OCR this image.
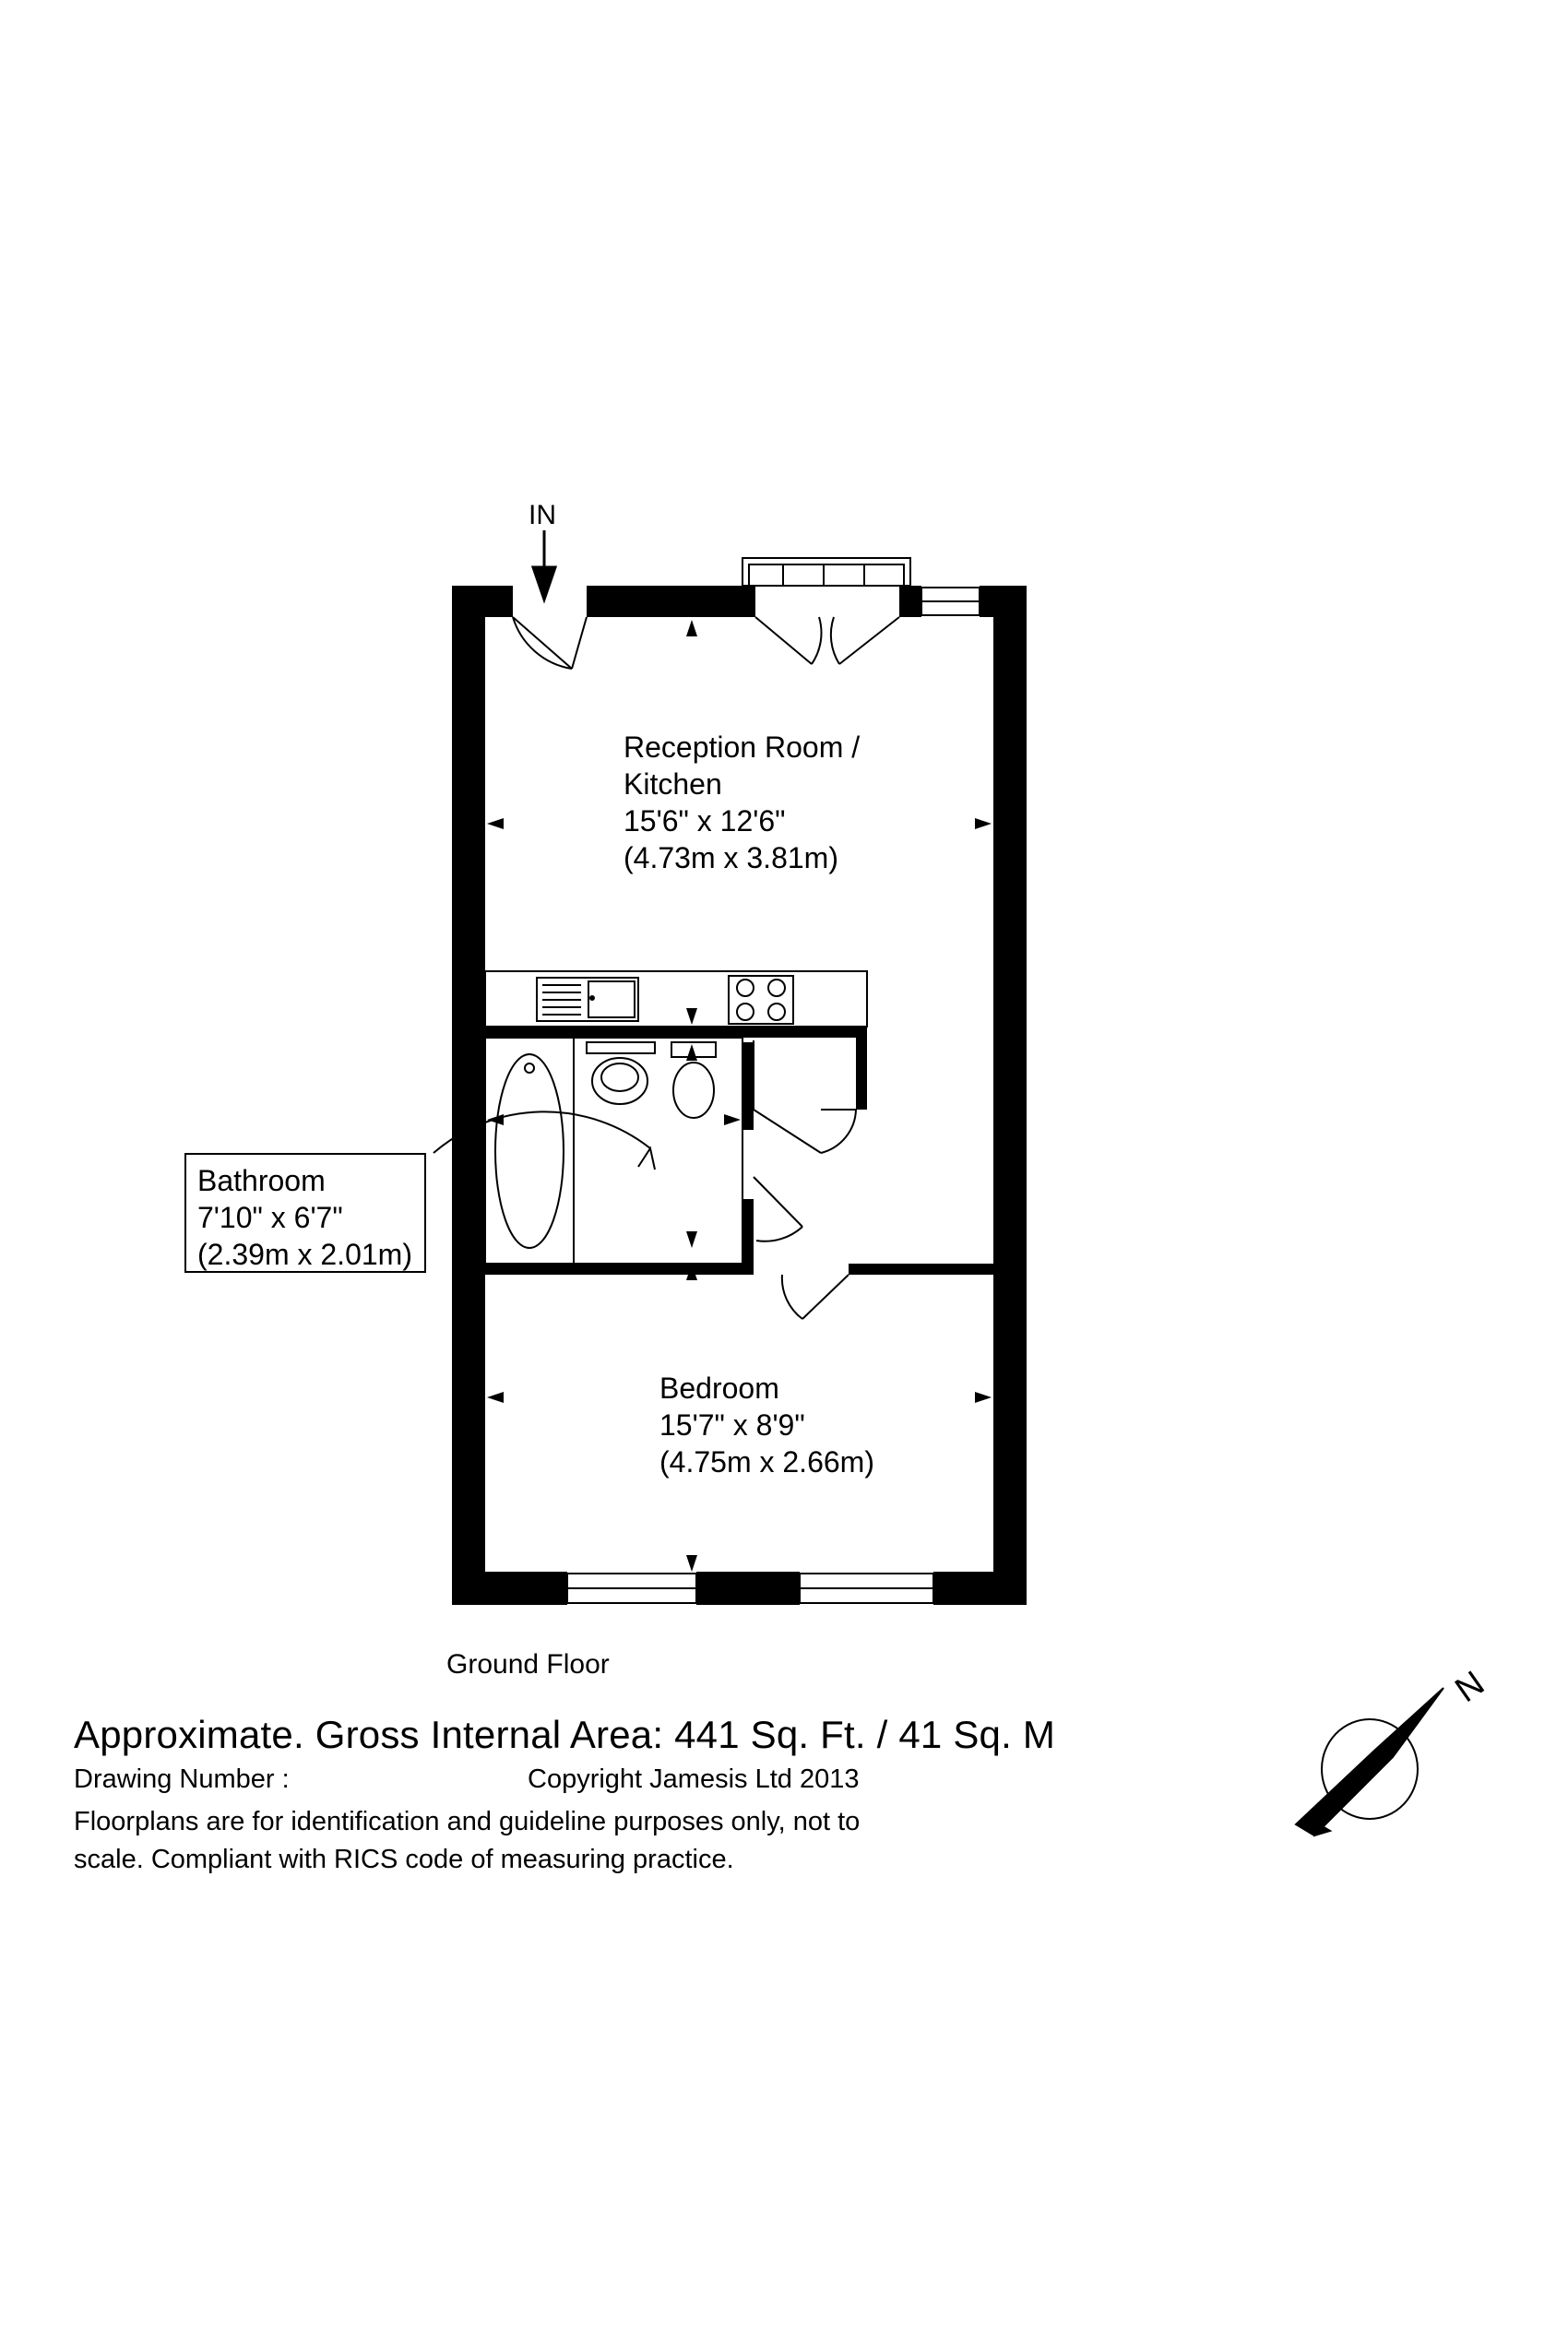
IN
Reception Room /
Kitchen
15'6" x 12'6"
(4.73m x 3.81m)
Bathroom
7'10" x 6'7"
(2.39m x 2.01m)
Bedroom
15'7" x 8'9"
(4.75m x 2.66m)
Ground Floor
Approximate. Gross Internal Area: 441 Sq. Ft. / 41 Sq. M
Drawing Number :	Copyright Jamesis Ltd 2013
Floorplans are for identification and guideline purposes only, not to
scale. Compliant with RICS code of measuring practice.
N
